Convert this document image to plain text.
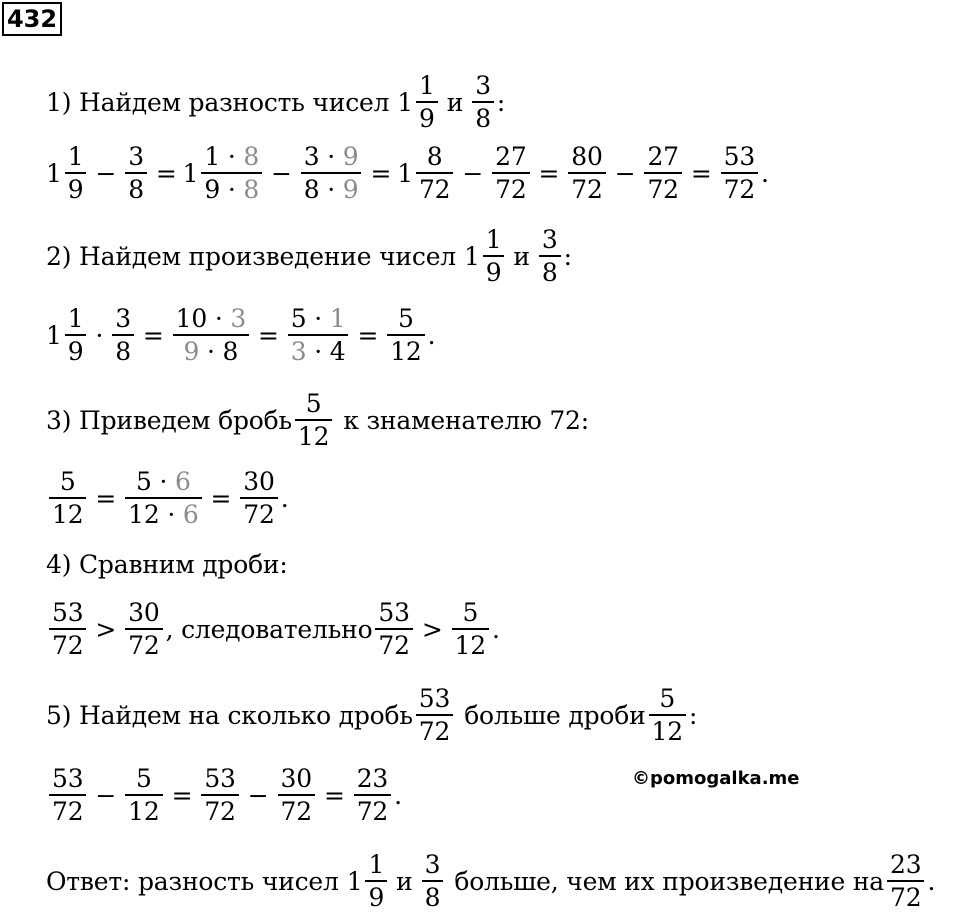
432
1) Найдем разность чисел $1 \frac{1}{9}$ и $\frac{3}{8}$ :
$1 \frac{1}{9} - \frac{3}{8} = 1 \frac{1 \cdot 8}{9 \cdot 8} - \frac{3 \cdot 9}{8 \cdot 9} = 1 \frac{8}{72} - \frac{27}{72} = \frac{80}{72} - \frac{27}{72} = \frac{53}{72}$ .
2) Найдем произведение чисел $1 \frac{1}{9}$ и $\frac{3}{8}$ :
$1 \frac{1}{9} \cdot \frac{3}{8} = \frac{10 \cdot 3}{9 \cdot 8} = \frac{5 \cdot 1}{3 \cdot 4} = \frac{5}{12}$ .
3) Приведем бробь $\frac{5}{12}$ к знаменателю 72:
$\frac{5}{12} = \frac{5 \cdot 6}{12 \cdot 6} = \frac{30}{72}$ .
4) Сравним дроби:
$\frac{53}{72} > \frac{30}{72}$ , следовательно $\frac{53}{72} > \frac{5}{12}$ .
5) Найдем на сколько дробь $\frac{53}{72}$ больше дроби $\frac{5}{12}$ :
$\frac{53}{72} - \frac{5}{12} = \frac{53}{72} - \frac{30}{72} = \frac{23}{72}$ .
©pomogalka.me
Ответ: разность чисел $1 \frac{1}{9}$ и $\frac{3}{8}$ больше, чем их произведение на $\frac{23}{72}$ .
